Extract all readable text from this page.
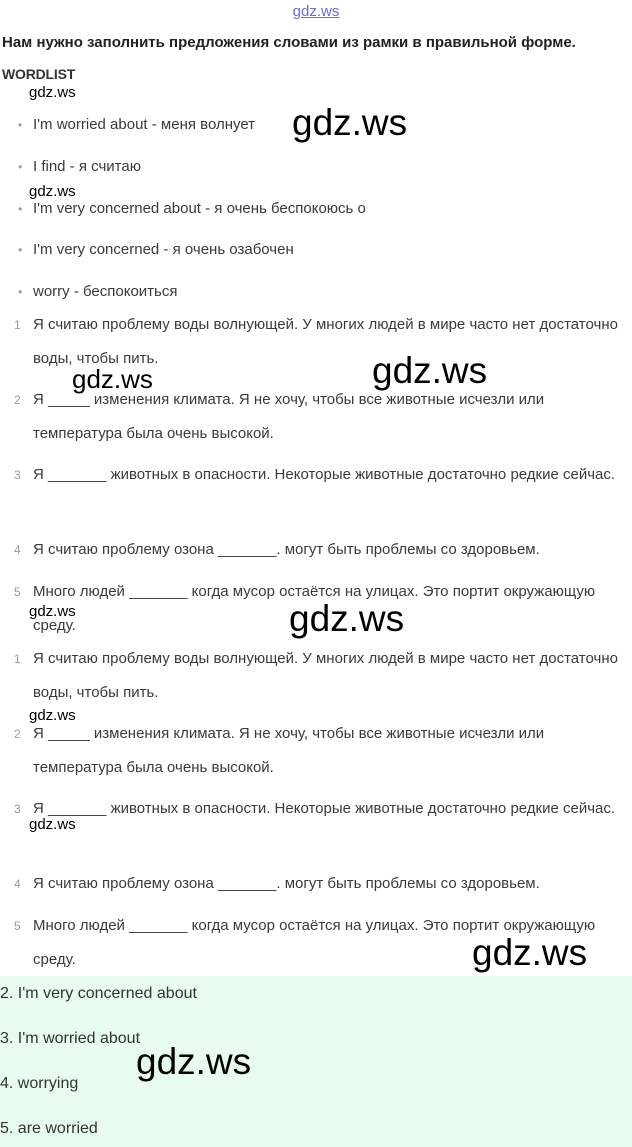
gdz.ws
Нам нужно заполнить предложения словами из рамки в правильной форме.
WORDLIST
• I'm worried about - меня волнует
• I find - я считаю
• I'm very concerned about - я очень беспокоюсь о
• I'm very concerned - я очень озабочен
• worry - беспокоиться
1 Я считаю проблему воды волнующей. У многих людей в мире часто нет достаточно воды, чтобы пить.
2 Я _____ изменения климата. Я не хочу, чтобы все животные исчезли или температура была очень высокой.
3 Я _______ животных в опасности. Некоторые животные достаточно редкие сейчас.
4 Я считаю проблему озона _______. могут быть проблемы со здоровьем.
5 Много людей _______ когда мусор остаётся на улицах. Это портит окружающую среду.
1 Я считаю проблему воды волнующей. У многих людей в мире часто нет достаточно воды, чтобы пить.
2 Я _____ изменения климата. Я не хочу, чтобы все животные исчезли или температура была очень высокой.
3 Я _______ животных в опасности. Некоторые животные достаточно редкие сейчас.
4 Я считаю проблему озона _______. могут быть проблемы со здоровьем.
5 Много людей _______ когда мусор остаётся на улицах. Это портит окружающую среду.
2. I'm very concerned about
3. I'm worried about
4. worrying
5. are worried
gdz.ws
gdz.ws
gdz.ws
gdz.ws	gdz.ws
gdz.ws	gdz.ws
gdz.ws
gdz.ws
gdz.ws
gdz.ws
